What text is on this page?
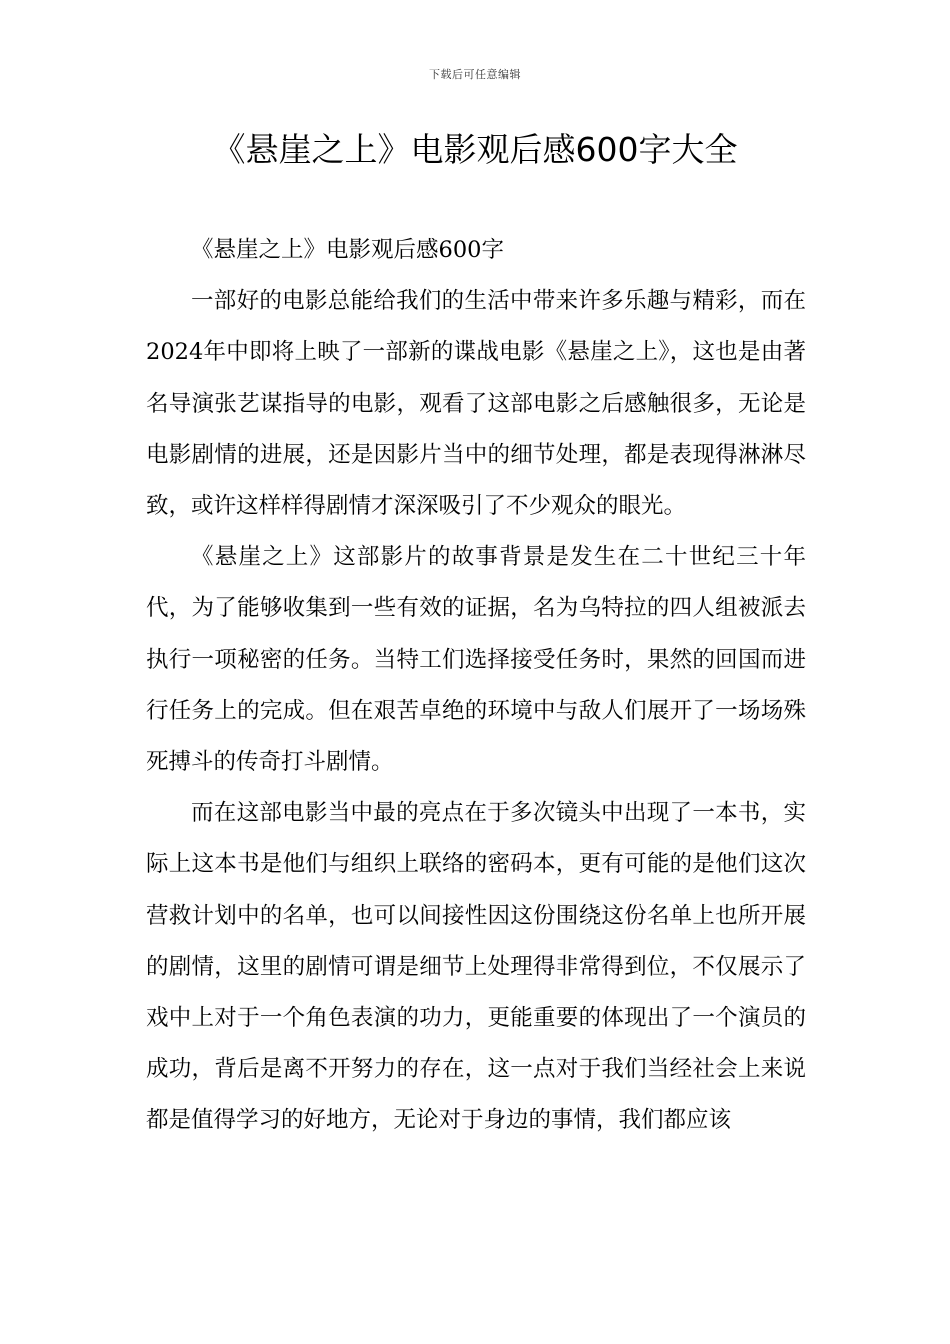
下载后可任意编辑
《悬崖之上》电影观后感600字大全

《悬崖之上》电影观后感600字

一部好的电影总能给我们的生活中带来许多乐趣与精彩，而在2024年中即将上映了一部新的谍战电影《悬崖之上》，这也是由著名导演张艺谋指导的电影，观看了这部电影之后感触很多，无论是电影剧情的进展，还是因影片当中的细节处理，都是表现得淋淋尽致，或许这样样得剧情才深深吸引了不少观众的眼光。

《悬崖之上》这部影片的故事背景是发生在二十世纪三十年代，为了能够收集到一些有效的证据，名为乌特拉的四人组被派去执行一项秘密的任务。当特工们选择接受任务时，果然的回国而进行任务上的完成。但在艰苦卓绝的环境中与敌人们展开了一场场殊死搏斗的传奇打斗剧情。

而在这部电影当中最的亮点在于多次镜头中出现了一本书，实际上这本书是他们与组织上联络的密码本，更有可能的是他们这次营救计划中的名单，也可以间接性因这份围绕这份名单上也所开展的剧情，这里的剧情可谓是细节上处理得非常得到位，不仅展示了戏中上对于一个角色表演的功力，更能重要的体现出了一个演员的成功，背后是离不开努力的存在，这一点对于我们当经社会上来说都是值得学习的好地方，无论对于身边的事情，我们都应该
